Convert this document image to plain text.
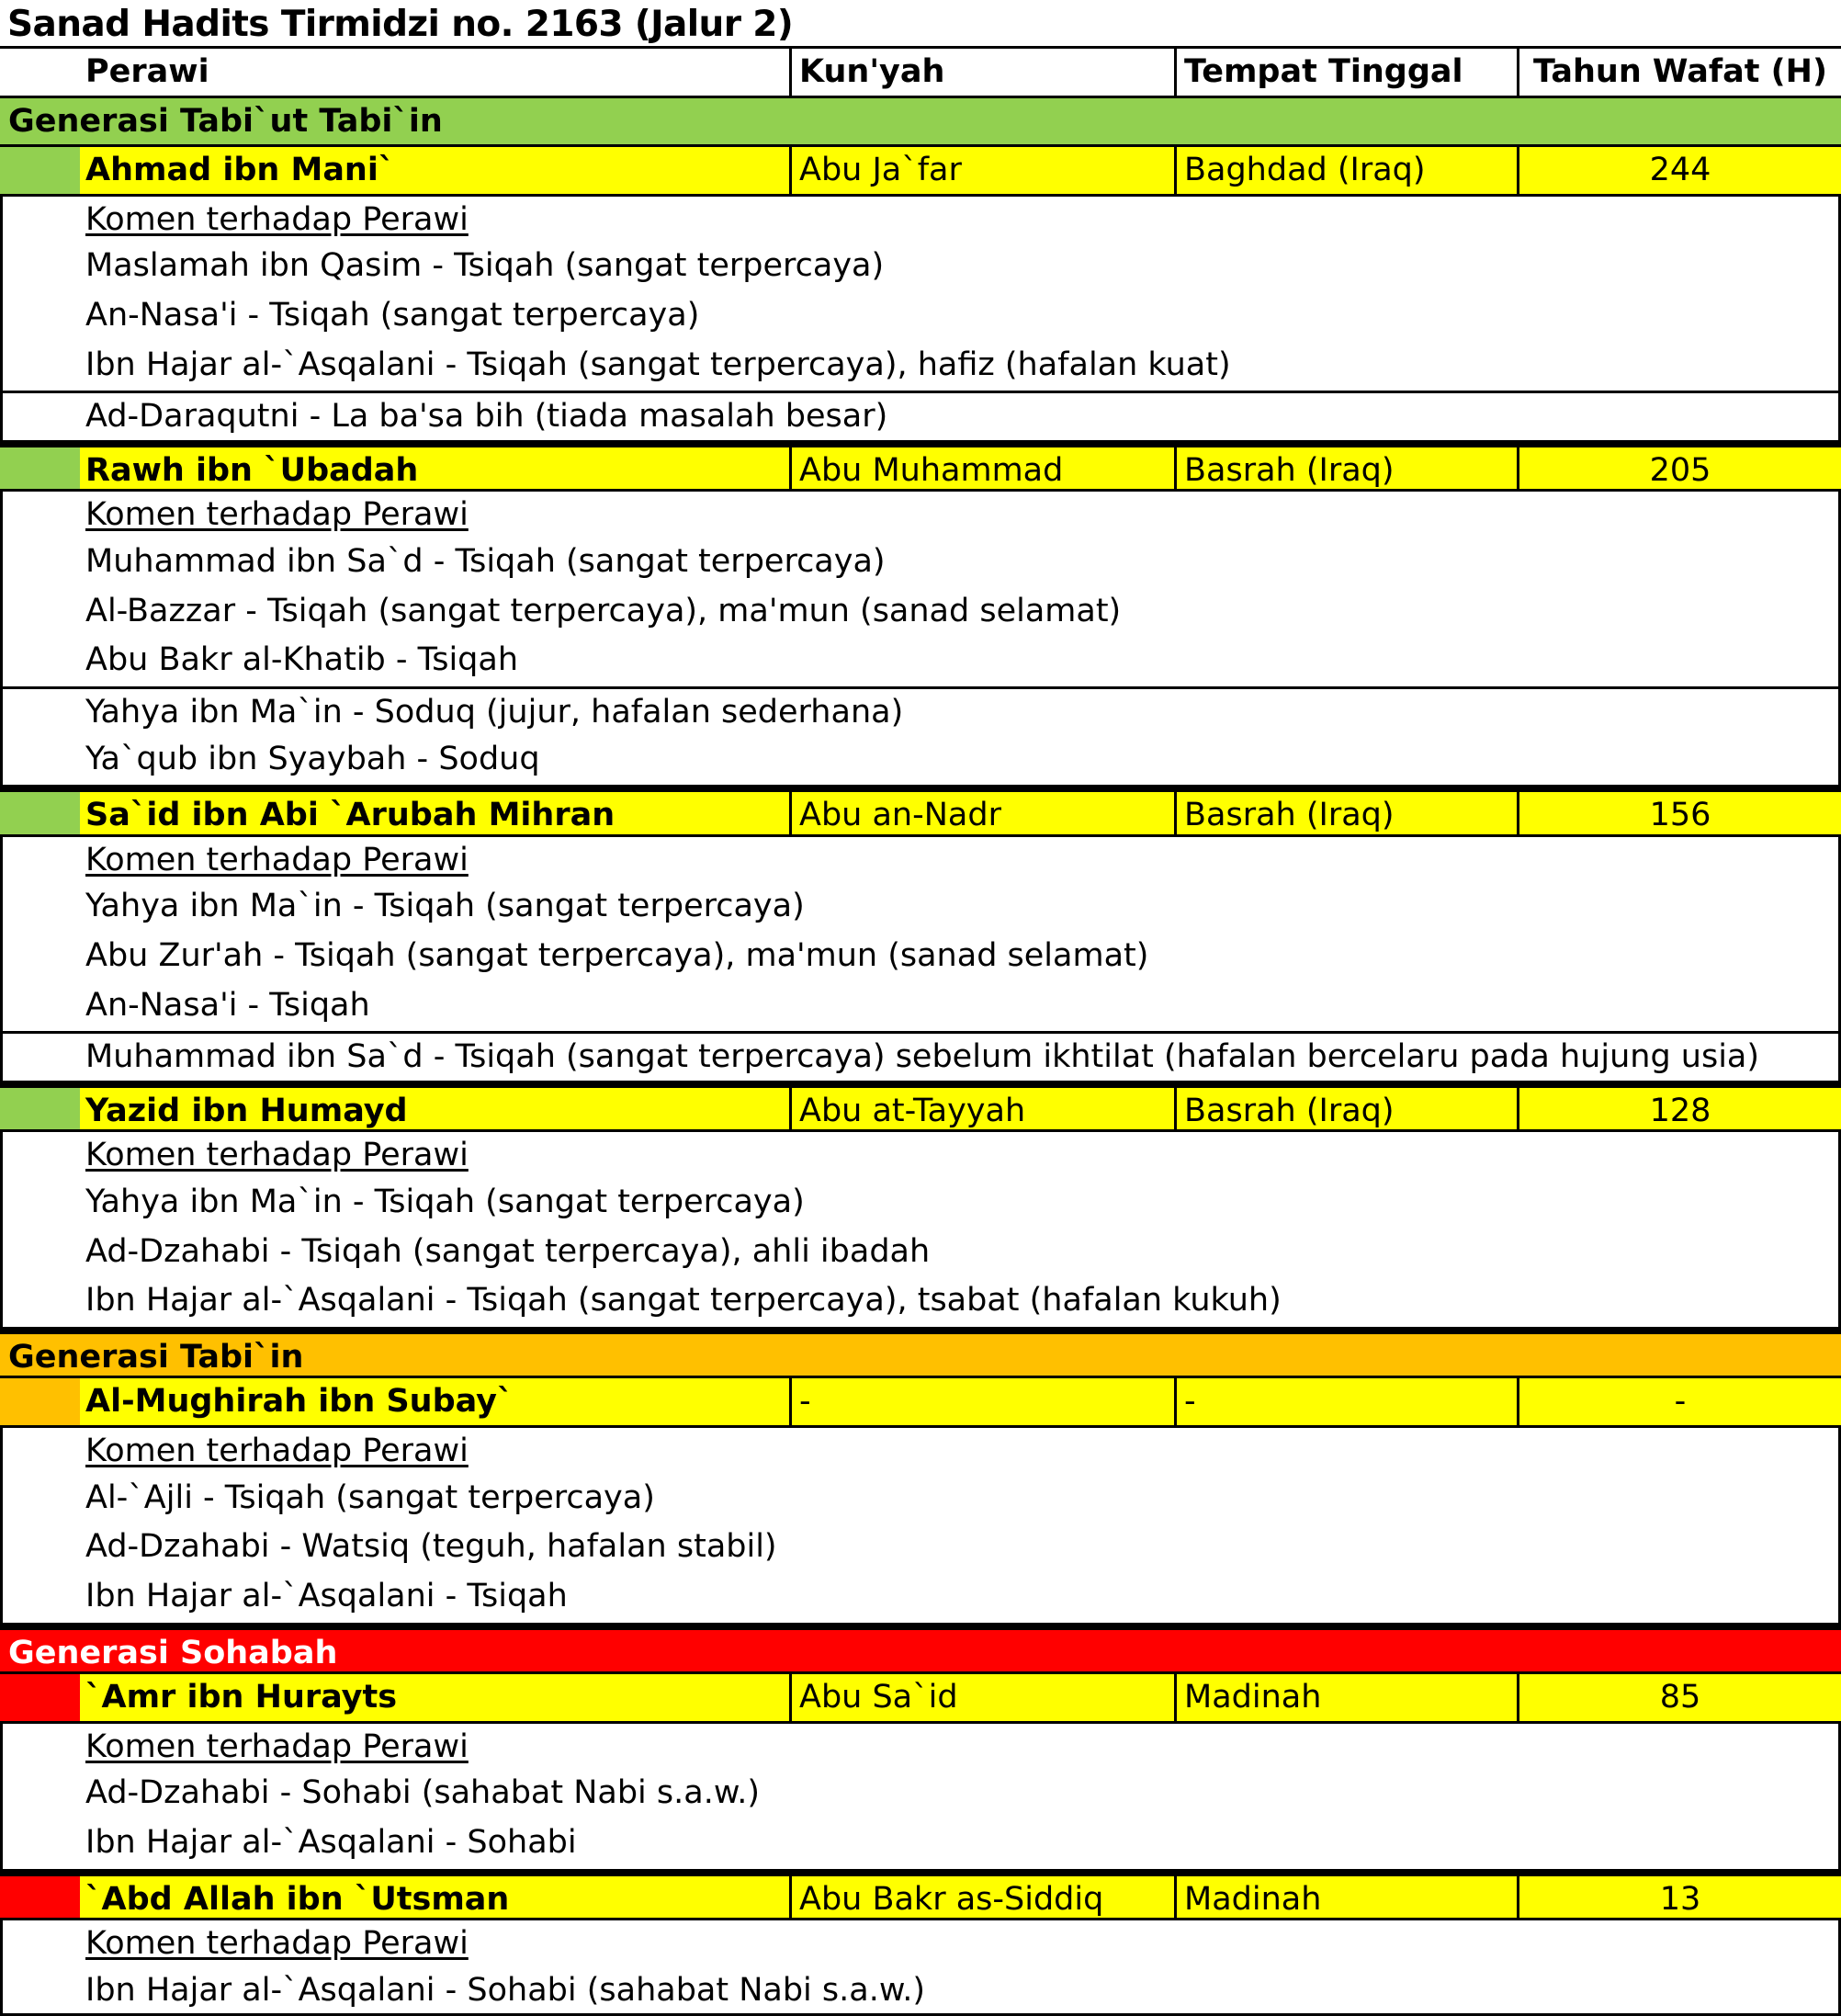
Sanad Hadits Tirmidzi no. 2163 (Jalur 2)
Perawi	Kun'yah	Tempat Tinggal	Tahun Wafat (H)
Generasi Tabi`ut Tabi`in
Ahmad ibn Mani`	Abu Ja`far	Baghdad (Iraq)	244
Komen terhadap Perawi
Maslamah ibn Qasim - Tsiqah (sangat terpercaya)
An-Nasa'i - Tsiqah (sangat terpercaya)
Ibn Hajar al-`Asqalani - Tsiqah (sangat terpercaya), hafiz (hafalan kuat)
Ad-Daraqutni - La ba'sa bih (tiada masalah besar)
Rawh ibn `Ubadah	Abu Muhammad	Basrah (Iraq)	205
Komen terhadap Perawi
Muhammad ibn Sa`d - Tsiqah (sangat terpercaya)
Al-Bazzar - Tsiqah (sangat terpercaya), ma'mun (sanad selamat)
Abu Bakr al-Khatib - Tsiqah
Yahya ibn Ma`in - Soduq (jujur, hafalan sederhana)
Ya`qub ibn Syaybah - Soduq
Sa`id ibn Abi `Arubah Mihran	Abu an-Nadr	Basrah (Iraq)	156
Komen terhadap Perawi
Yahya ibn Ma`in - Tsiqah (sangat terpercaya)
Abu Zur'ah - Tsiqah (sangat terpercaya), ma'mun (sanad selamat)
An-Nasa'i - Tsiqah
Muhammad ibn Sa`d - Tsiqah (sangat terpercaya) sebelum ikhtilat (hafalan bercelaru pada hujung usia)
Yazid ibn Humayd	Abu at-Tayyah	Basrah (Iraq)	128
Komen terhadap Perawi
Yahya ibn Ma`in - Tsiqah (sangat terpercaya)
Ad-Dzahabi - Tsiqah (sangat terpercaya), ahli ibadah
Ibn Hajar al-`Asqalani - Tsiqah (sangat terpercaya), tsabat (hafalan kukuh)
Generasi Tabi`in
Al-Mughirah ibn Subay`	-	-	-
Komen terhadap Perawi
Al-`Ajli - Tsiqah (sangat terpercaya)
Ad-Dzahabi - Watsiq (teguh, hafalan stabil)
Ibn Hajar al-`Asqalani - Tsiqah
Generasi Sohabah
`Amr ibn Hurayts	Abu Sa`id	Madinah	85
Komen terhadap Perawi
Ad-Dzahabi - Sohabi (sahabat Nabi s.a.w.)
Ibn Hajar al-`Asqalani - Sohabi
`Abd Allah ibn `Utsman	Abu Bakr as-Siddiq	Madinah	13
Komen terhadap Perawi
Ibn Hajar al-`Asqalani - Sohabi (sahabat Nabi s.a.w.)
